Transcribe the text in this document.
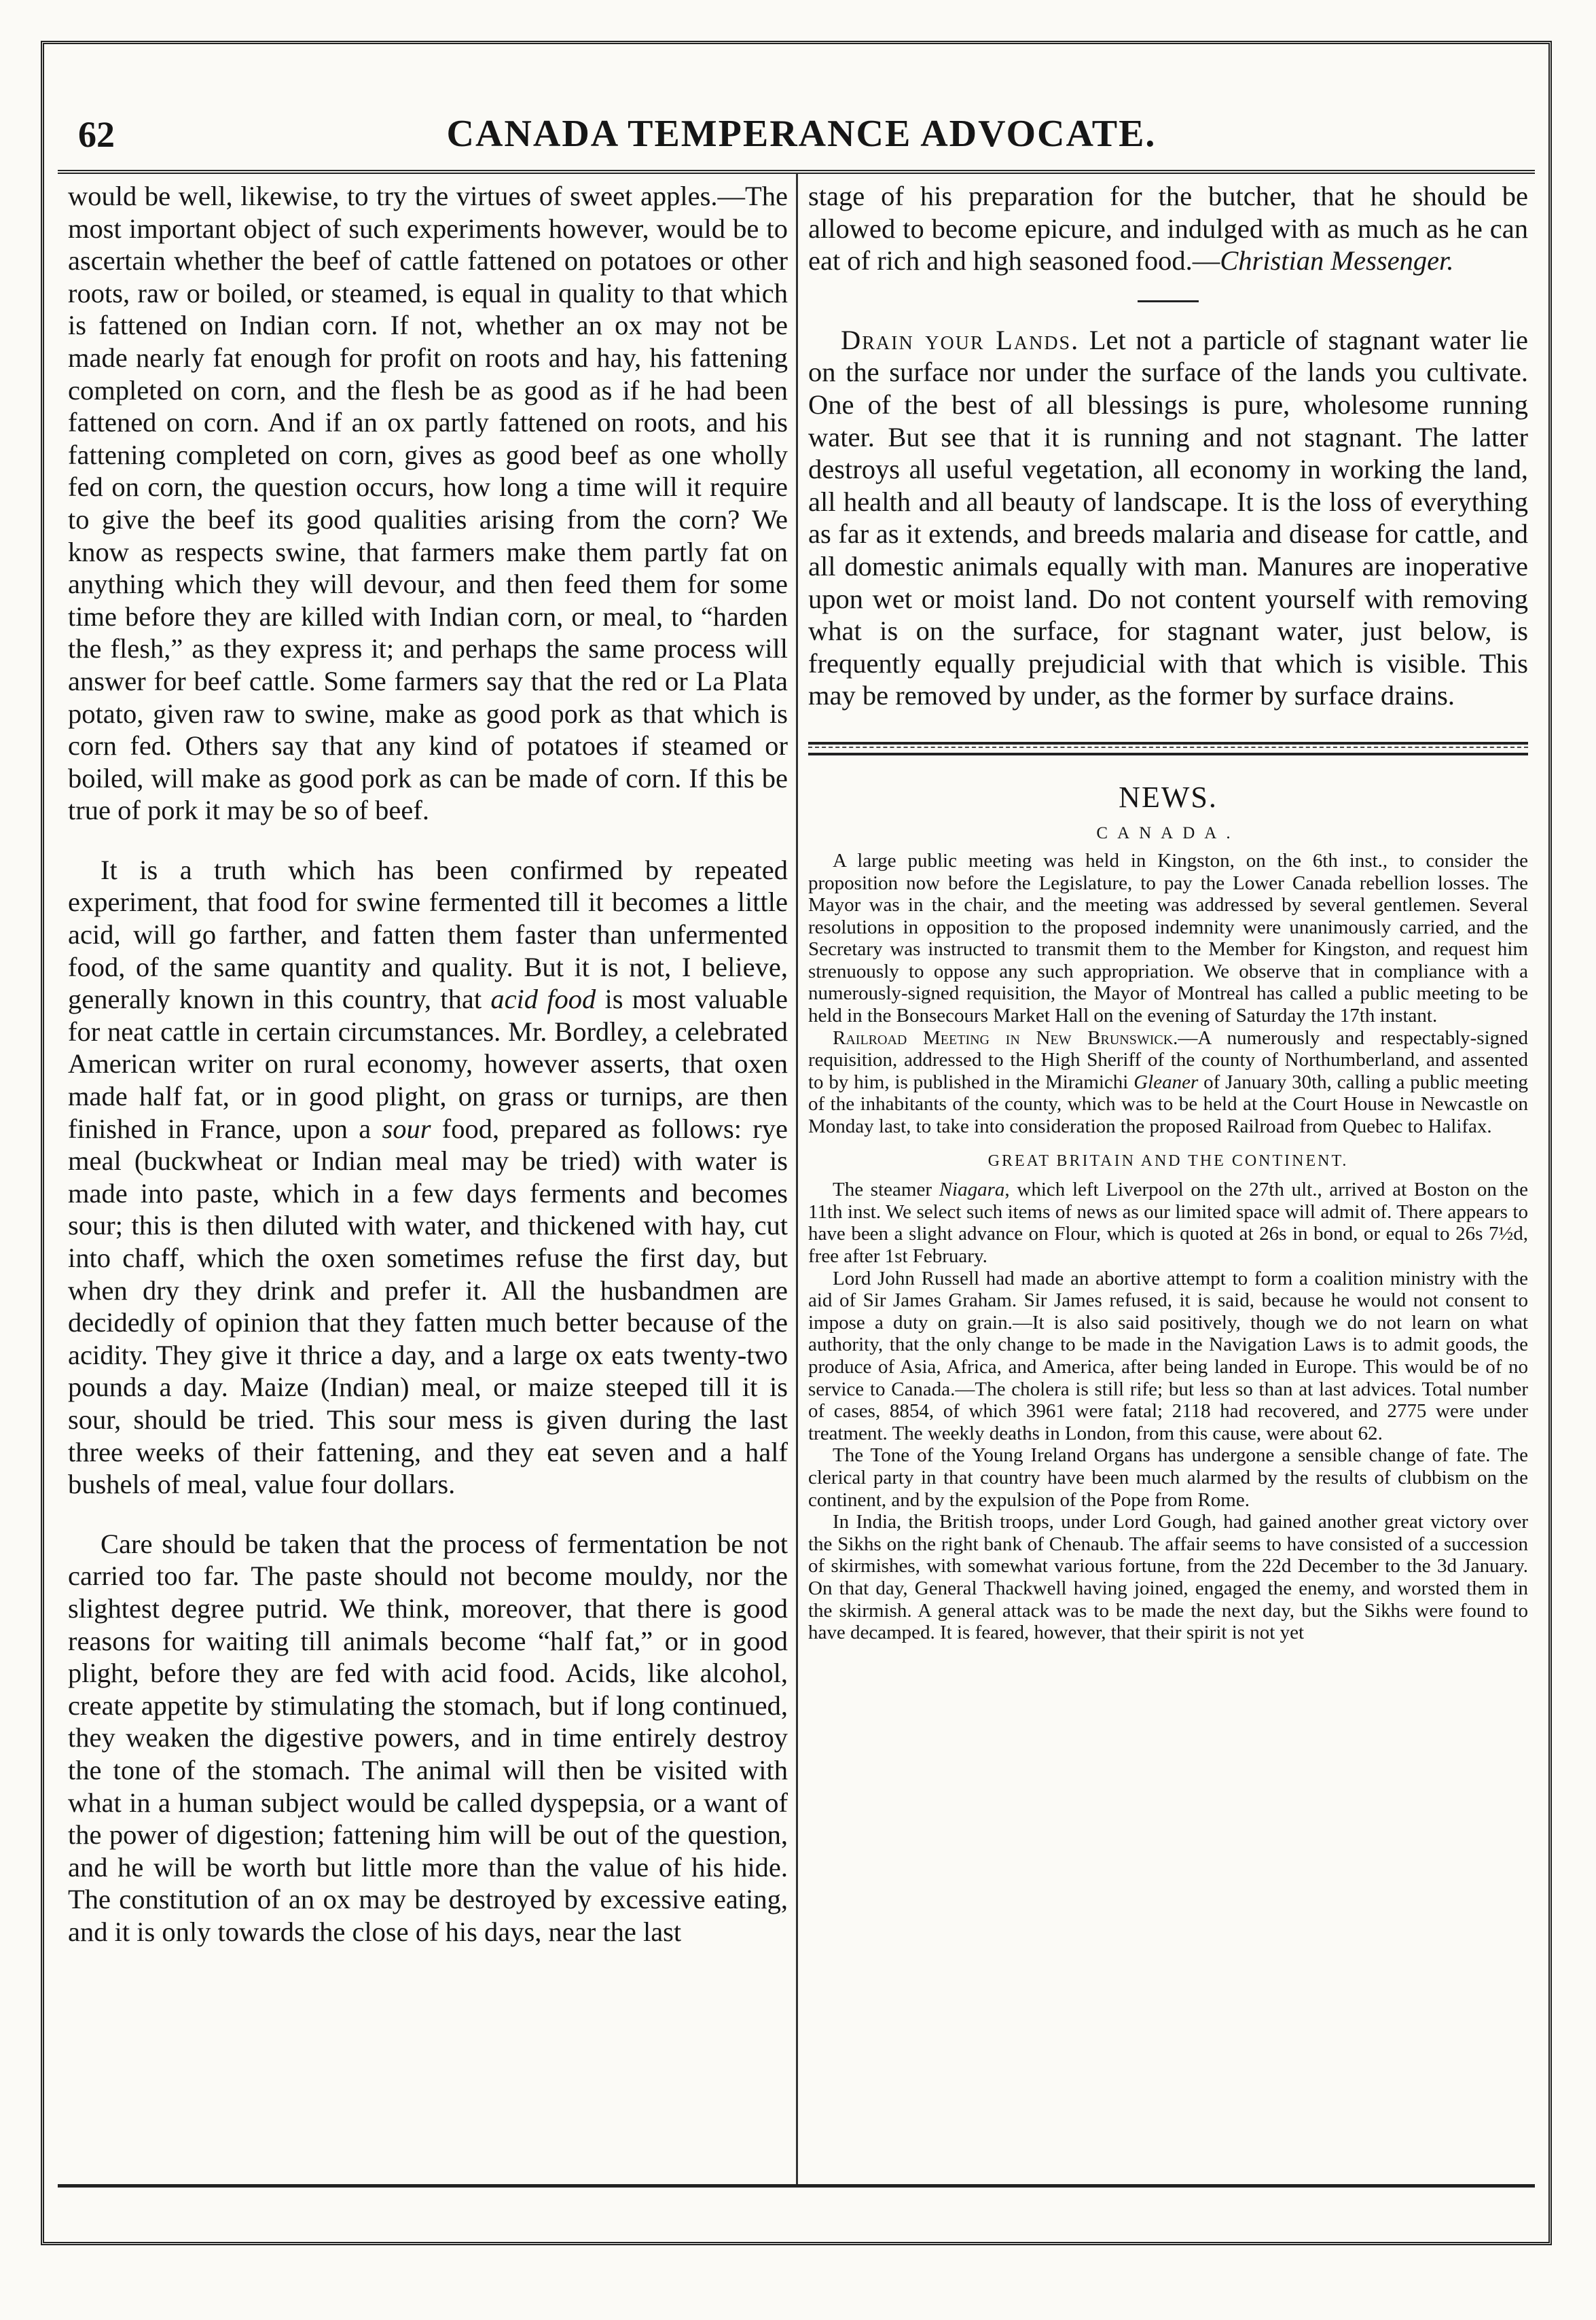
62	CANADA TEMPERANCE ADVOCATE.

would be well, likewise, to try the virtues of sweet apples.—The most important object of such experiments however, would be to ascertain whether the beef of cattle fattened on potatoes or other roots, raw or boiled, or steamed, is equal in quality to that which is fattened on Indian corn. If not, whether an ox may not be made nearly fat enough for profit on roots and hay, his fattening completed on corn, and the flesh be as good as if he had been fattened on corn. And if an ox partly fattened on roots, and his fattening completed on corn, gives as good beef as one wholly fed on corn, the question occurs, how long a time will it require to give the beef its good qualities arising from the corn? We know as respects swine, that farmers make them partly fat on anything which they will devour, and then feed them for some time before they are killed with Indian corn, or meal, to “harden the flesh,” as they express it; and perhaps the same process will answer for beef cattle. Some farmers say that the red or La Plata potato, given raw to swine, make as good pork as that which is corn fed. Others say that any kind of potatoes if steamed or boiled, will make as good pork as can be made of corn. If this be true of pork it may be so of beef.

It is a truth which has been confirmed by repeated experiment, that food for swine fermented till it becomes a little acid, will go farther, and fatten them faster than unfermented food, of the same quantity and quality. But it is not, I believe, generally known in this country, that acid food is most valuable for neat cattle in certain circumstances. Mr. Bordley, a celebrated American writer on rural economy, however asserts, that oxen made half fat, or in good plight, on grass or turnips, are then finished in France, upon a sour food, prepared as follows: rye meal (buckwheat or Indian meal may be tried) with water is made into paste, which in a few days ferments and becomes sour; this is then diluted with water, and thickened with hay, cut into chaff, which the oxen sometimes refuse the first day, but when dry they drink and prefer it. All the husbandmen are decidedly of opinion that they fatten much better because of the acidity. They give it thrice a day, and a large ox eats twenty-two pounds a day. Maize (Indian) meal, or maize steeped till it is sour, should be tried. This sour mess is given during the last three weeks of their fattening, and they eat seven and a half bushels of meal, value four dollars.

Care should be taken that the process of fermentation be not carried too far. The paste should not become mouldy, nor the slightest degree putrid. We think, moreover, that there is good reasons for waiting till animals become “half fat,” or in good plight, before they are fed with acid food. Acids, like alcohol, create appetite by stimulating the stomach, but if long continued, they weaken the digestive powers, and in time entirely destroy the tone of the stomach. The animal will then be visited with what in a human subject would be called dyspepsia, or a want of the power of digestion; fattening him will be out of the question, and he will be worth but little more than the value of his hide. The constitution of an ox may be destroyed by excessive eating, and it is only towards the close of his days, near the last

stage of his preparation for the butcher, that he should be allowed to become epicure, and indulged with as much as he can eat of rich and high seasoned food.—Christian Messenger.

Drain your Lands. Let not a particle of stagnant water lie on the surface nor under the surface of the lands you cultivate. One of the best of all blessings is pure, wholesome running water. But see that it is running and not stagnant. The latter destroys all useful vegetation, all economy in working the land, all health and all beauty of landscape. It is the loss of everything as far as it extends, and breeds malaria and disease for cattle, and all domestic animals equally with man. Manures are inoperative upon wet or moist land. Do not content yourself with removing what is on the surface, for stagnant water, just below, is frequently equally prejudicial with that which is visible. This may be removed by under, as the former by surface drains.

NEWS.
CANADA.

A large public meeting was held in Kingston, on the 6th inst., to consider the proposition now before the Legislature, to pay the Lower Canada rebellion losses. The Mayor was in the chair, and the meeting was addressed by several gentlemen. Several resolutions in opposition to the proposed indemnity were unanimously carried, and the Secretary was instructed to transmit them to the Member for Kingston, and request him strenuously to oppose any such appropriation. We observe that in compliance with a numerously-signed requisition, the Mayor of Montreal has called a public meeting to be held in the Bonsecours Market Hall on the evening of Saturday the 17th instant.

Railroad Meeting in New Brunswick.—A numerously and respectably-signed requisition, addressed to the High Sheriff of the county of Northumberland, and assented to by him, is published in the Miramichi Gleaner of January 30th, calling a public meeting of the inhabitants of the county, which was to be held at the Court House in Newcastle on Monday last, to take into consideration the proposed Railroad from Quebec to Halifax.

GREAT BRITAIN AND THE CONTINENT.

The steamer Niagara, which left Liverpool on the 27th ult., arrived at Boston on the 11th inst. We select such items of news as our limited space will admit of. There appears to have been a slight advance on Flour, which is quoted at 26s in bond, or equal to 26s 7½d, free after 1st February.

Lord John Russell had made an abortive attempt to form a coalition ministry with the aid of Sir James Graham. Sir James refused, it is said, because he would not consent to impose a duty on grain.—It is also said positively, though we do not learn on what authority, that the only change to be made in the Navigation Laws is to admit goods, the produce of Asia, Africa, and America, after being landed in Europe. This would be of no service to Canada.—The cholera is still rife; but less so than at last advices. Total number of cases, 8854, of which 3961 were fatal; 2118 had recovered, and 2775 were under treatment. The weekly deaths in London, from this cause, were about 62.

The Tone of the Young Ireland Organs has undergone a sensible change of fate. The clerical party in that country have been much alarmed by the results of clubbism on the continent, and by the expulsion of the Pope from Rome.

In India, the British troops, under Lord Gough, had gained another great victory over the Sikhs on the right bank of Chenaub. The affair seems to have consisted of a succession of skirmishes, with somewhat various fortune, from the 22d December to the 3d January. On that day, General Thackwell having joined, engaged the enemy, and worsted them in the skirmish. A general attack was to be made the next day, but the Sikhs were found to have decamped. It is feared, however, that their spirit is not yet
